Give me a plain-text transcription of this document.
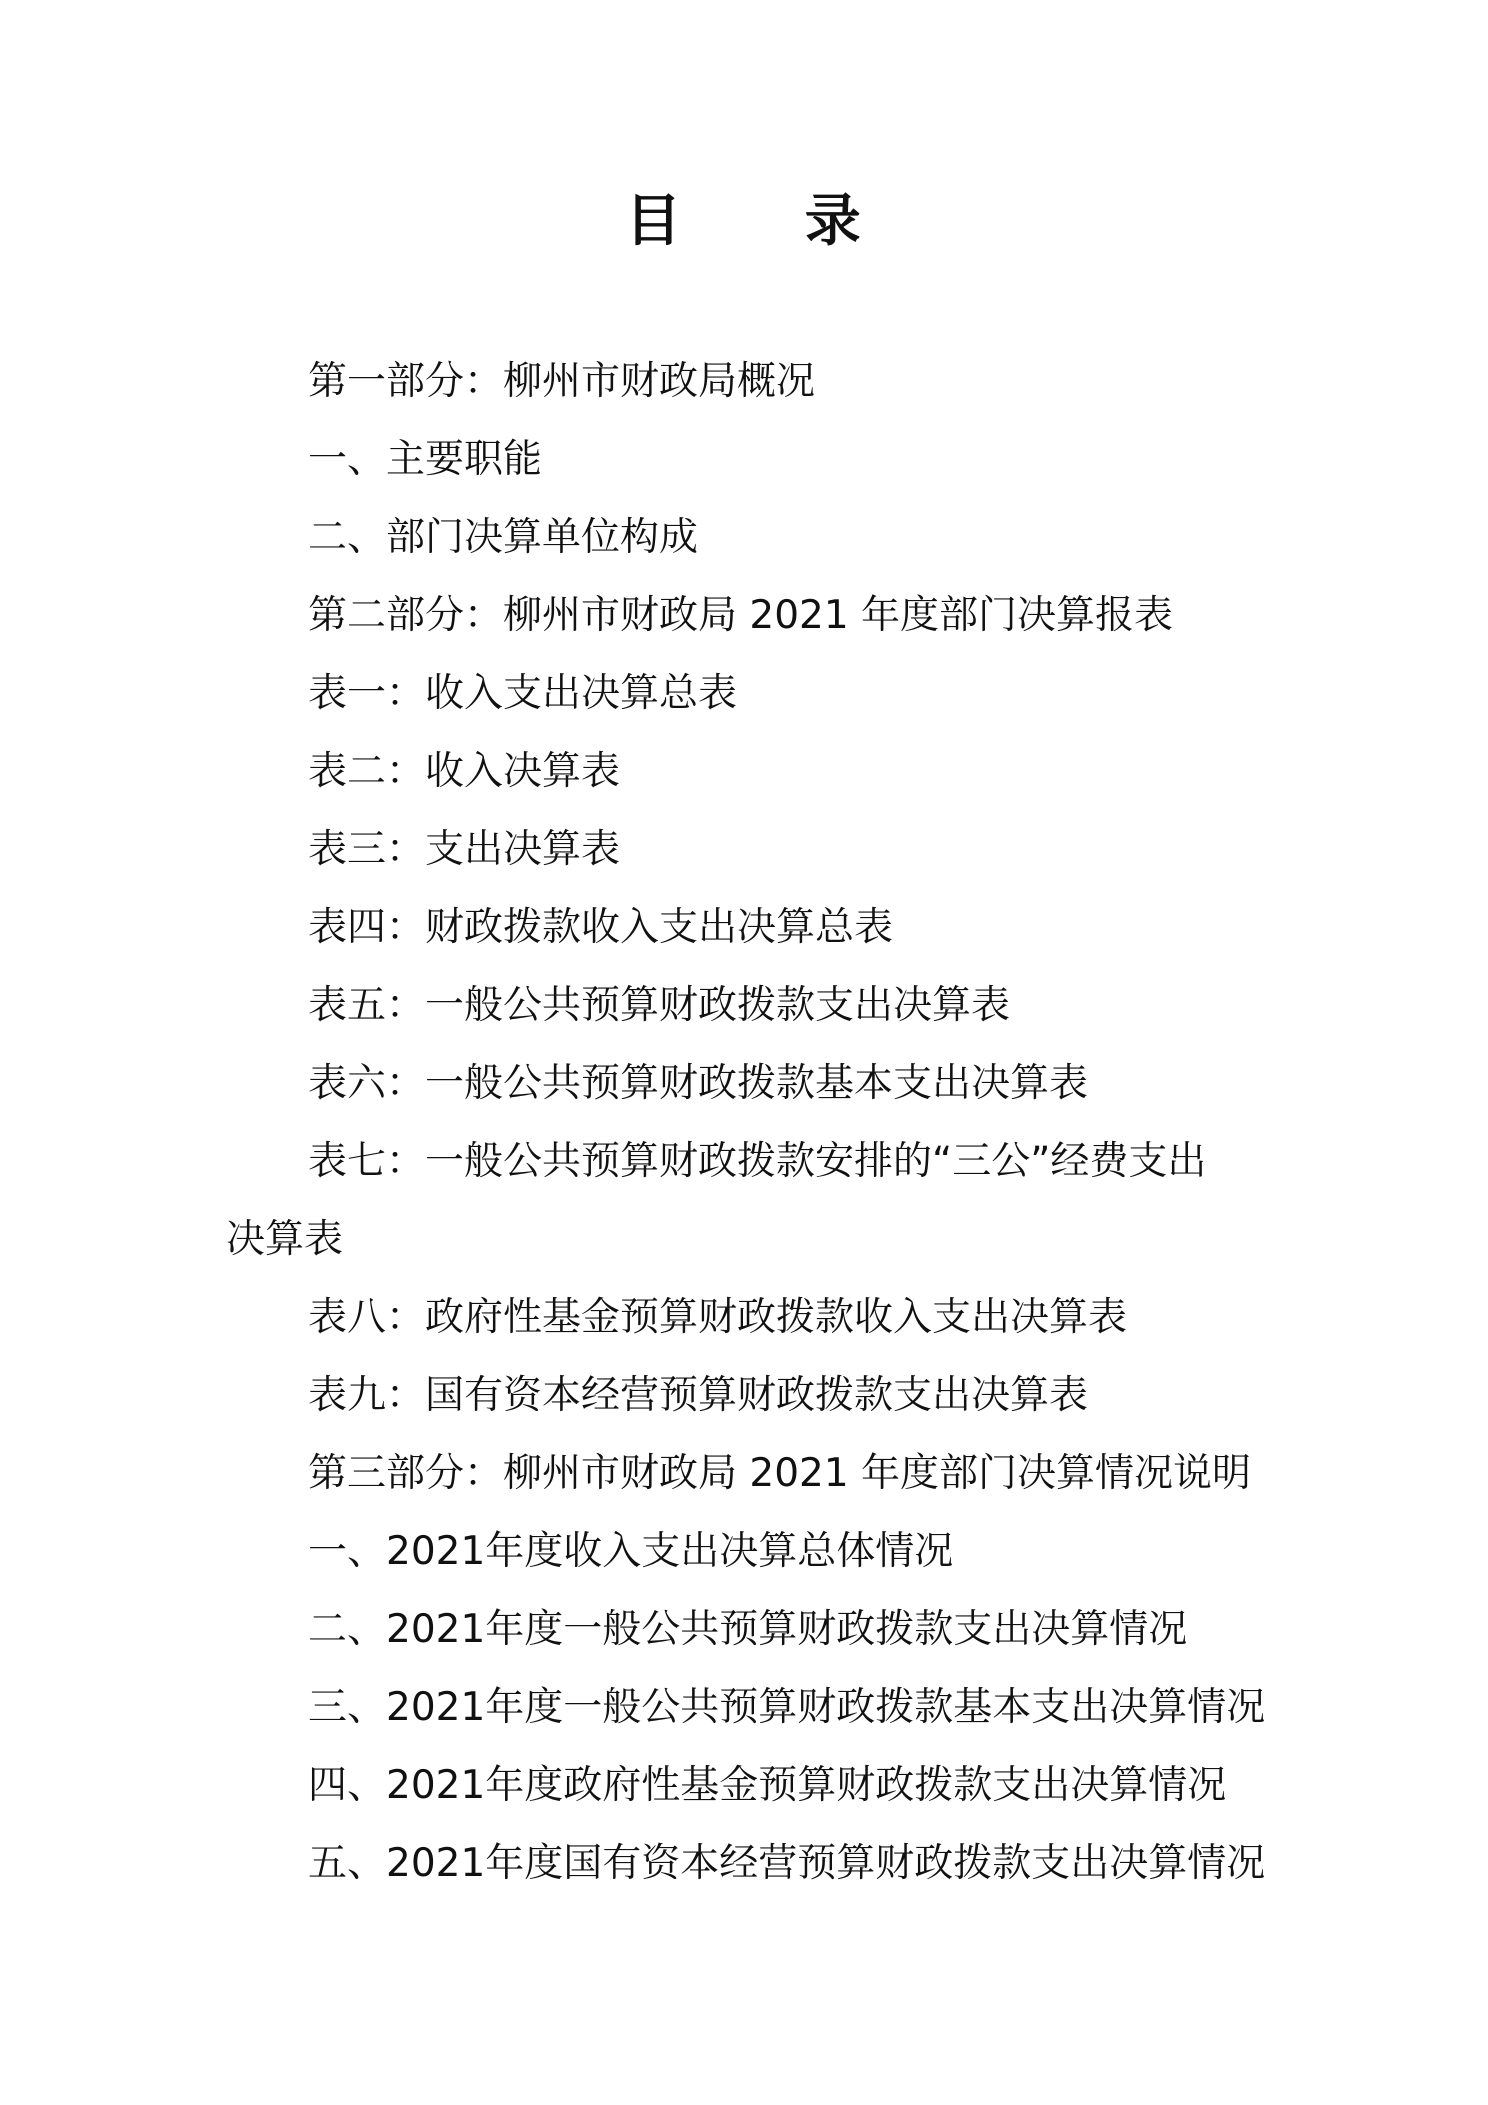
目 录
第一部分：柳州市财政局概况
一、主要职能
二、部门决算单位构成
第二部分：柳州市财政局 2021 年度部门决算报表
表一：收入支出决算总表
表二：收入决算表
表三：支出决算表
表四：财政拨款收入支出决算总表
表五：一般公共预算财政拨款支出决算表
表六：一般公共预算财政拨款基本支出决算表
表七：一般公共预算财政拨款安排的“三公”经费支出决算表
表八：政府性基金预算财政拨款收入支出决算表
表九：国有资本经营预算财政拨款支出决算表
第三部分：柳州市财政局 2021 年度部门决算情况说明
一、2021年度收入支出决算总体情况
二、2021年度一般公共预算财政拨款支出决算情况
三、2021年度一般公共预算财政拨款基本支出决算情况
四、2021年度政府性基金预算财政拨款支出决算情况
五、2021年度国有资本经营预算财政拨款支出决算情况
